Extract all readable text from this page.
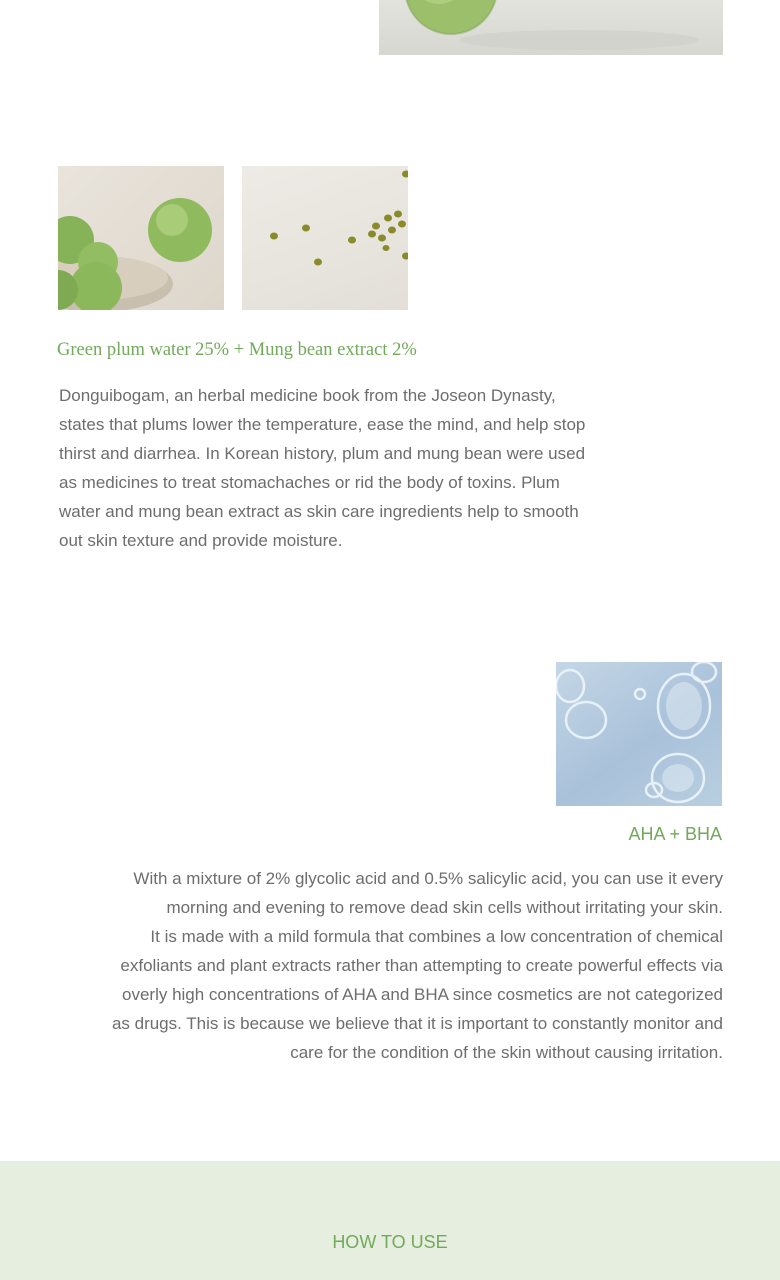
Green plum water 25% + Mung bean extract 2%
Donguibogam, an herbal medicine book from the Joseon Dynasty, states that plums lower the temperature, ease the mind, and help stop thirst and diarrhea. In Korean history, plum and mung bean were used as medicines to treat stomachaches or rid the body of toxins. Plum water and mung bean extract as skin care ingredients help to smooth out skin texture and provide moisture.
AHA + BHA
With a mixture of 2% glycolic acid and 0.5% salicylic acid, you can use it every
morning and evening to remove dead skin cells without irritating your skin.
It is made with a mild formula that combines a low concentration of chemical
exfoliants and plant extracts rather than attempting to create powerful effects via
overly high concentrations of AHA and BHA since cosmetics are not categorized
as drugs. This is because we believe that it is important to constantly monitor and
care for the condition of the skin without causing irritation.
HOW TO USE
